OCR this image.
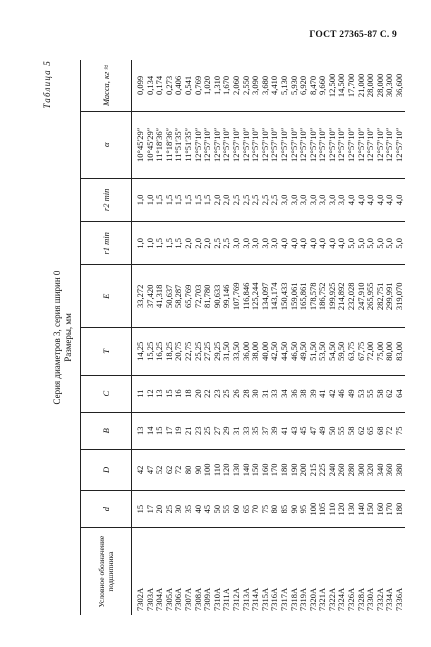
ГОСТ 27365-87 С. 9
Таблица 5
Серия диаметров 3, серия ширин 0 Размеры, мм
Условное обозначение подшипника	d	D	B	C	T	E	r1 min	r2 min	α	Масса, кг ≈
7302A	15	42	13	11	14,25	33,272	1,0	1,0	10°45′29″	0,099
7303A	17	47	14	12	15,25	37,420	1,0	1,0	10°45′29″	0,134
7304A	20	52	15	13	16,25	41,318	1,5	1,5	11°18′36″	0,174
7305A	25	62	17	15	18,25	50,637	1,5	1,5	11°18′36″	0,273
7306A	30	72	19	16	20,75	58,287	1,5	1,5	11°51′35″	0,406
7307A	35	80	21	18	22,75	65,769	2,0	1,5	11°51′35″	0,541
7308A	40	90	23	20	25,25	72,703	2,0	1,5	12°57′10″	0,769
7309A	45	100	25	22	27,25	81,780	2,0	1,5	12°57′10″	1,020
7310A	50	110	27	23	29,25	90,633	2,5	2,0	12°57′10″	1,310
7311A	55	120	29	25	31,50	99,146	2,5	2,0	12°57′10″	1,670
7312A	60	130	31	26	33,50	107,769	3,0	2,5	12°57′10″	2,060
7313A	65	140	33	28	36,00	116,846	3,0	2,5	12°57′10″	2,550
7314A	70	150	35	30	38,00	125,244	3,0	2,5	12°57′10″	3,090
7315A	75	160	37	31	40,00	134,097	3,0	2,5	12°57′10″	3,680
7316A	80	170	39	33	42,50	143,174	3,0	2,5	12°57′10″	4,410
7317A	85	180	41	34	44,50	150,433	4,0	3,0	12°57′10″	5,130
7318A	90	190	43	36	46,50	159,061	4,0	3,0	12°57′10″	5,930
7319A	95	200	45	38	49,50	165,861	4,0	3,0	12°57′10″	6,920
7320A	100	215	47	39	51,50	178,578	4,0	3,0	12°57′10″	8,470
7321A	105	225	49	41	53,50	186,752	4,0	3,0	12°57′10″	9,660
7322A	110	240	50	42	54,50	199,925	4,0	3,0	12°57′10″	12,500
7324A	120	260	55	46	59,50	214,892	4,0	3,0	12°57′10″	14,500
7326A	130	280	58	49	63,75	232,028	5,0	4,0	12°57′10″	17,700
7328A	140	300	62	53	67,75	247,910	5,0	4,0	12°57′10″	21,000
7330A	150	320	65	55	72,00	265,955	5,0	4,0	12°57′10″	28,000
7332A	160	340	68	58	75,00	282,751	5,0	4,0	12°57′10″	28,000
7334A	170	360	72	62	80,00	299,991	5,0	4,0	12°57′10″	30,300
7336A	180	380	75	64	83,00	319,070	5,0	4,0	12°57′10″	36,600
